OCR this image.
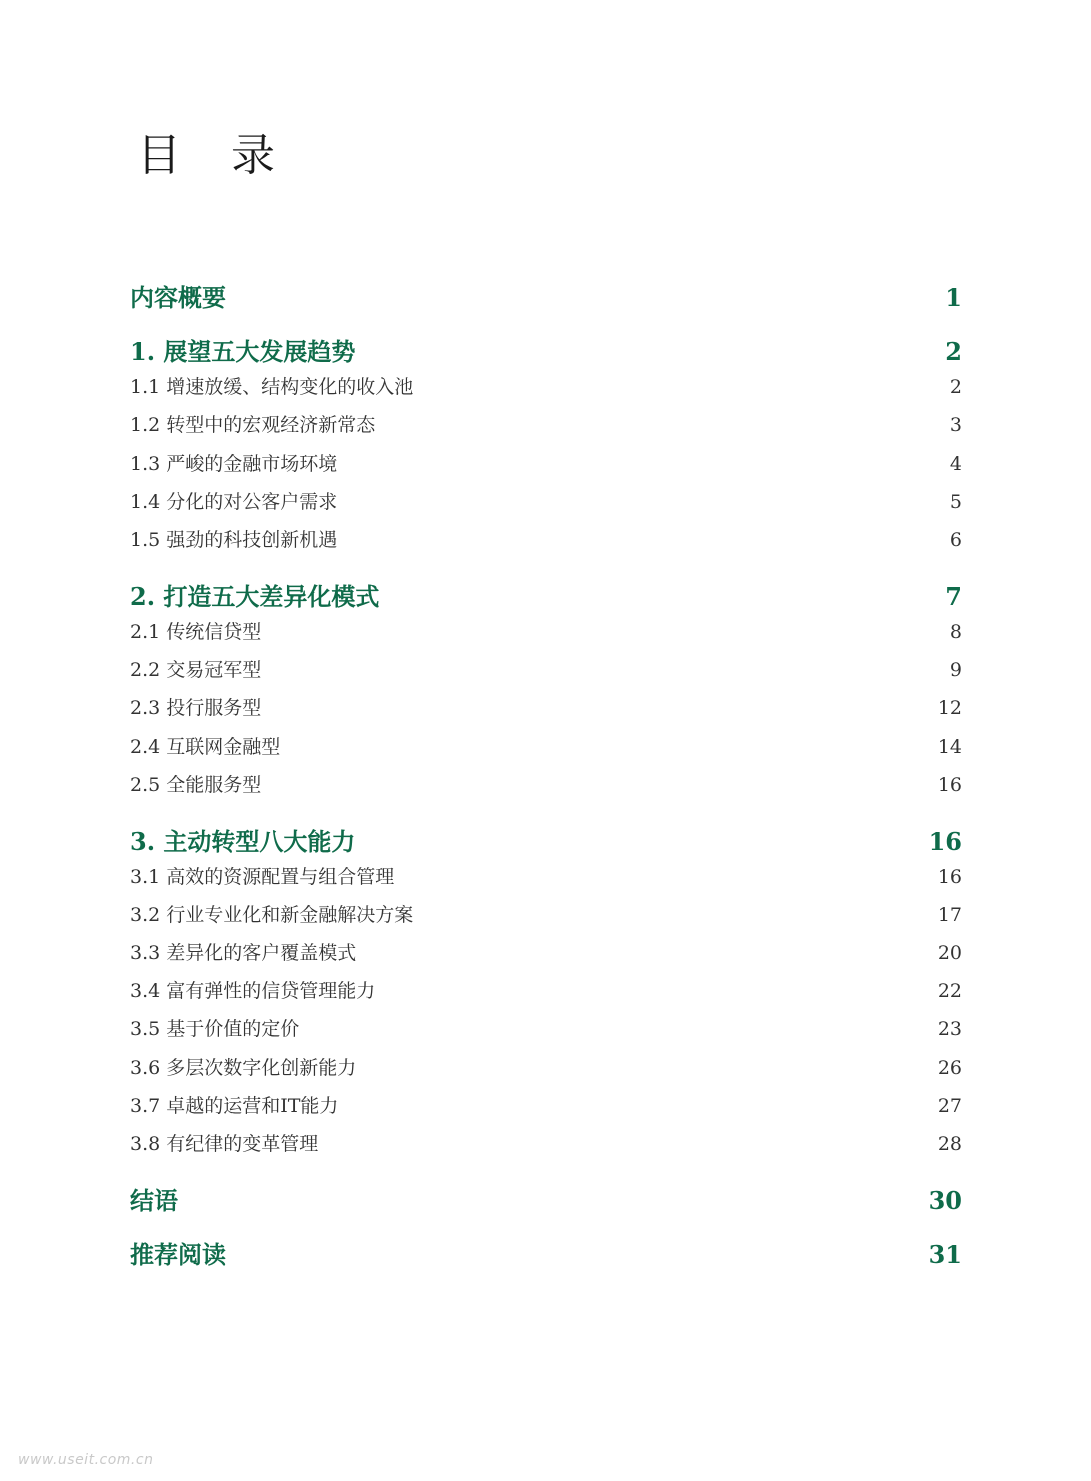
目 录
内容概要	1
1. 展望五大发展趋势	2
1.1 增速放缓、结构变化的收入池	2
1.2 转型中的宏观经济新常态	3
1.3 严峻的金融市场环境	4
1.4 分化的对公客户需求	5
1.5 强劲的科技创新机遇	6
2. 打造五大差异化模式	7
2.1 传统信贷型	8
2.2 交易冠军型	9
2.3 投行服务型	12
2.4 互联网金融型	14
2.5 全能服务型	16
3. 主动转型八大能力	16
3.1 高效的资源配置与组合管理	16
3.2 行业专业化和新金融解决方案	17
3.3 差异化的客户覆盖模式	20
3.4 富有弹性的信贷管理能力	22
3.5 基于价值的定价	23
3.6 多层次数字化创新能力	26
3.7 卓越的运营和IT能力	27
3.8 有纪律的变革管理	28
结语	30
推荐阅读	31
www.useit.com.cn
